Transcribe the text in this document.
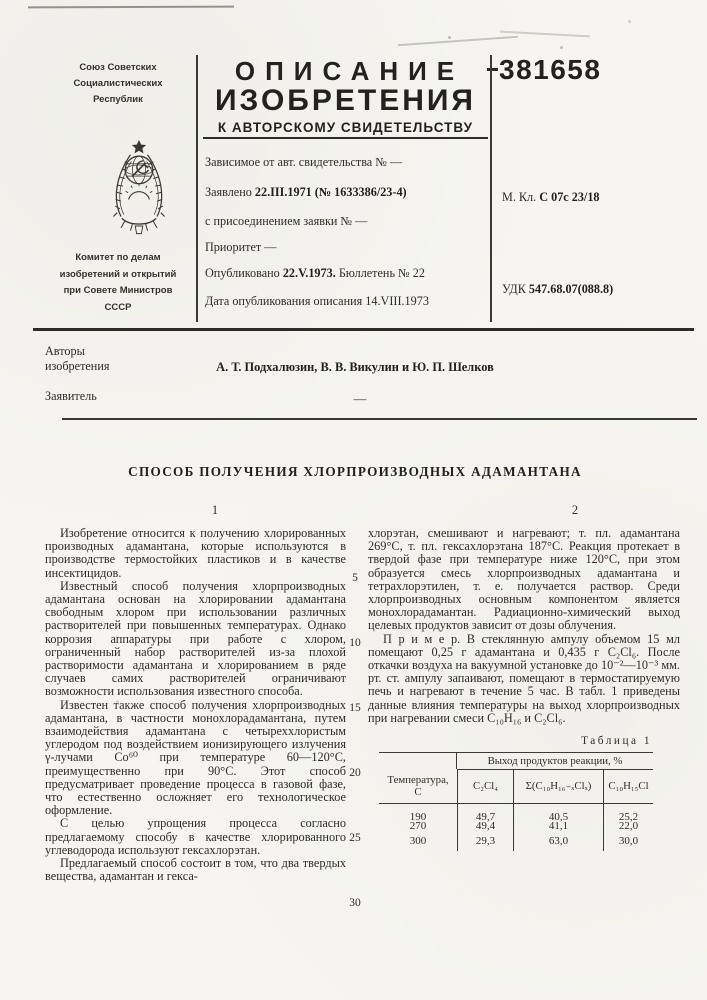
Союз Советских
Социалистических
Республик
Комитет по делам
изобретений и открытий
при Совете Министров
СССР
ОПИСАНИЕ
ИЗОБРЕТЕНИЯ
К АВТОРСКОМУ СВИДЕТЕЛЬСТВУ
Зависимое от авт. свидетельства № —
Заявлено 22.III.1971 (№ 1633386/23-4)
с присоединением заявки № —
Приоритет —
Опубликовано 22.V.1973. Бюллетень № 22
Дата опубликования описания 14.VIII.1973
381658
М. Кл. С 07с 23/18
УДК 547.68.07(088.8)
Авторы
изобретения	А. Т. Подхалюзин, В. В. Викулин и Ю. П. Шелков
Заявитель	—
СПОСОБ ПОЛУЧЕНИЯ ХЛОРПРОИЗВОДНЫХ АДАМАНТАНА
1	2

Изобретение относится к получению хлорированных производных адамантана, которые используются в производстве термостойких пластиков и в качестве инсектицидов.

Известный способ получения хлорпроизводных адамантана основан на хлорировании адамантана свободным хлором при использовании различных растворителей при повышенных температурах. Однако коррозия аппаратуры при работе с хлором, ограниченный набор растворителей из-за плохой растворимости адамантана и хлорированием в ряде случаев самих растворителей ограничивают возможности использования известного способа.

Известен также способ получения хлорпроизводных адамантана, в частности монохлорадамантана, путем взаимодействия адамантана с четыреххлористым углеродом под воздействием ионизирующего излучения γ-лучами Со⁶⁰ при температуре 60—120°С, преимущественно при 90°С. Этот способ предусматривает проведение процесса в газовой фазе, что естественно осложняет его технологическое оформление.

С целью упрощения процесса согласно предлагаемому способу в качестве хлорированного углеводорода используют гексахлорэтан.

Предлагаемый способ состоит в том, что два твердых вещества, адамантан и гекса-

5
10
15
20
25
30

хлорэтан, смешивают и нагревают; т. пл. адамантана 269°С, т. пл. гексахлорэтана 187°С. Реакция протекает в твердой фазе при температуре ниже 120°С, при этом образуется смесь хлорпроизводных адамантана и тетрахлорэтилен, т. е. получается раствор. Среди хлорпроизводных основным компонентом является монохлорадамантан. Радиационно-химический выход целевых продуктов зависит от дозы облучения.

П р и м е р. В стеклянную ампулу объемом 15 мл помещают 0,25 г адамантана и 0,435 г C₂Cl₆. После откачки воздуха на вакуумной установке до 10⁻²—10⁻³ мм. рт. ст. ампулу запаивают, помещают в термостатируемую печь и нагревают в течение 5 час. В табл. 1 приведены данные влияния температуры на выход хлорпроизводных при нагревании смеси C₁₀H₁₆ и C₂Cl₆.

Таблица 1
Выход продуктов реакции, %
Температура,
С	C₂Cl₄	Σ(C₁₀H₁₆₋ₓClₓ)	C₁₀H₁₅Cl
190	49,7	40,5	25,2
270	49,4	41,1	22,0
300	29,3	63,0	30,0
